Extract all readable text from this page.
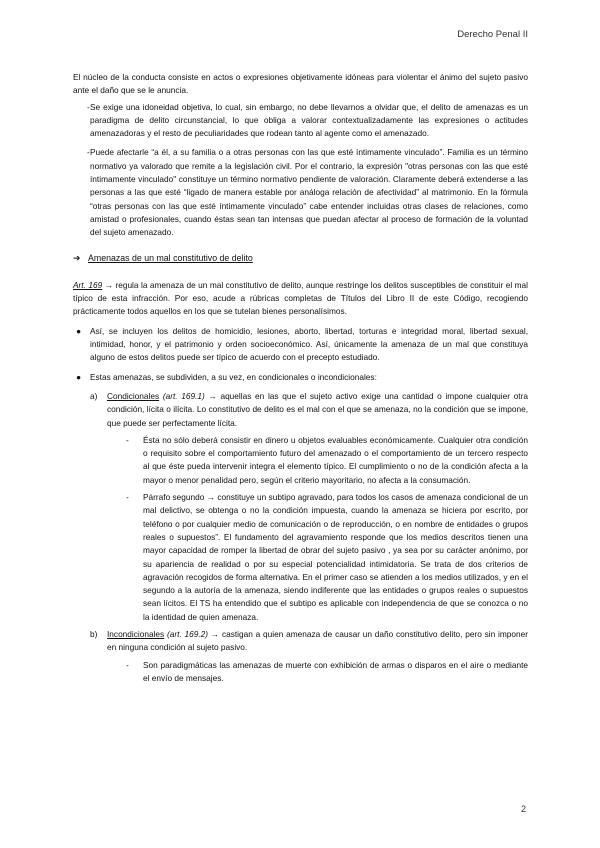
Derecho Penal II

El núcleo de la conducta consiste en actos o expresiones objetivamente idóneas para violentar el ánimo del sujeto pasivo ante el daño que se le anuncia.

- Se exige una idoneidad objetiva, lo cual, sin embargo, no debe llevarnos a olvidar que, el delito de amenazas es un paradigma de delito circunstancial, lo que obliga a valorar contextualizadamente las expresiones o actitudes amenazadoras y el resto de peculiaridades que rodean tanto al agente como el amenazado.
- Puede afectarle “a él, a su familia o a otras personas con las que esté íntimamente vinculado”. Familia es un término normativo ya valorado que remite a la legislación civil. Por el contrario, la expresión "otras personas con las que esté íntimamente vinculado" constituye un término normativo pendiente de valoración. Claramente deberá extenderse a las personas a las que esté “ligado de manera estable por análoga relación de afectividad” al matrimonio. En la fórmula “otras personas con las que esté íntimamente vinculado” cabe entender incluidas otras clases de relaciones, como amistad o profesionales, cuando éstas sean tan intensas que puedan afectar al proceso de formación de la voluntad del sujeto amenazado.
➔ Amenazas de un mal constitutivo de delito

Art. 169 → regula la amenaza de un mal constitutivo de delito, aunque restringe los delitos susceptibles de constituir el mal típico de esta infracción. Por eso, acude a rúbricas completas de Títulos del Libro II de este Código, recogiendo prácticamente todos aquellos en los que se tutelan bienes personalísimos.

● Así, se incluyen los delitos de homicidio, lesiones, aborto, libertad, torturas e integridad moral, libertad sexual, intimidad, honor, y el patrimonio y orden socioeconómico. Así, únicamente la amenaza de un mal que constituya alguno de estos delitos puede ser típico de acuerdo con el precepto estudiado.
● Estas amenazas, se subdividen, a su vez, en condicionales o incondicionales:
a) Condicionales (art. 169.1) → aquellas en las que el sujeto activo exige una cantidad o impone cualquier otra condición, lícita o ilícita. Lo constitutivo de delito es el mal con el que se amenaza, no la condición que se impone, que puede ser perfectamente lícita.
- Ésta no sólo deberá consistir en dinero u objetos evaluables económicamente. Cualquier otra condición o requisito sobre el comportamiento futuro del amenazado o el comportamiento de un tercero respecto al que éste pueda intervenir integra el elemento típico. El cumplimiento o no de la condición afecta a la mayor o menor penalidad pero, según el criterio mayoritario, no afecta a la consumación.
- Párrafo segundo → constituye un subtipo agravado, para todos los casos de amenaza condicional de un mal delictivo, se obtenga o no la condición impuesta, cuando la amenaza se hiciera por escrito, por teléfono o por cualquier medio de comunicación o de reproducción, o en nombre de entidades o grupos reales o supuestos”. El fundamento del agravamiento responde que los medios descritos tienen una mayor capacidad de romper la libertad de obrar del sujeto pasivo , ya sea por su carácter anónimo, por su apariencia de realidad o por su especial potencialidad intimidatoria. Se trata de dos criterios de agravación recogidos de forma alternativa. En el primer caso se atienden a los medios utilizados, y en el segundo a la autoría de la amenaza, siendo indiferente que las entidades o grupos reales o supuestos sean lícitos. El TS ha entendido que el subtipo es aplicable con independencia de que se conozca o no la identidad de quien amenaza.
b) Incondicionales (art. 169.2) → castigan a quien amenaza de causar un daño constitutivo delito, pero sin imponer en ninguna condición al sujeto pasivo.
- Son paradigmáticas las amenazas de muerte con exhibición de armas o disparos en el aire o mediante el envío de mensajes.
2
